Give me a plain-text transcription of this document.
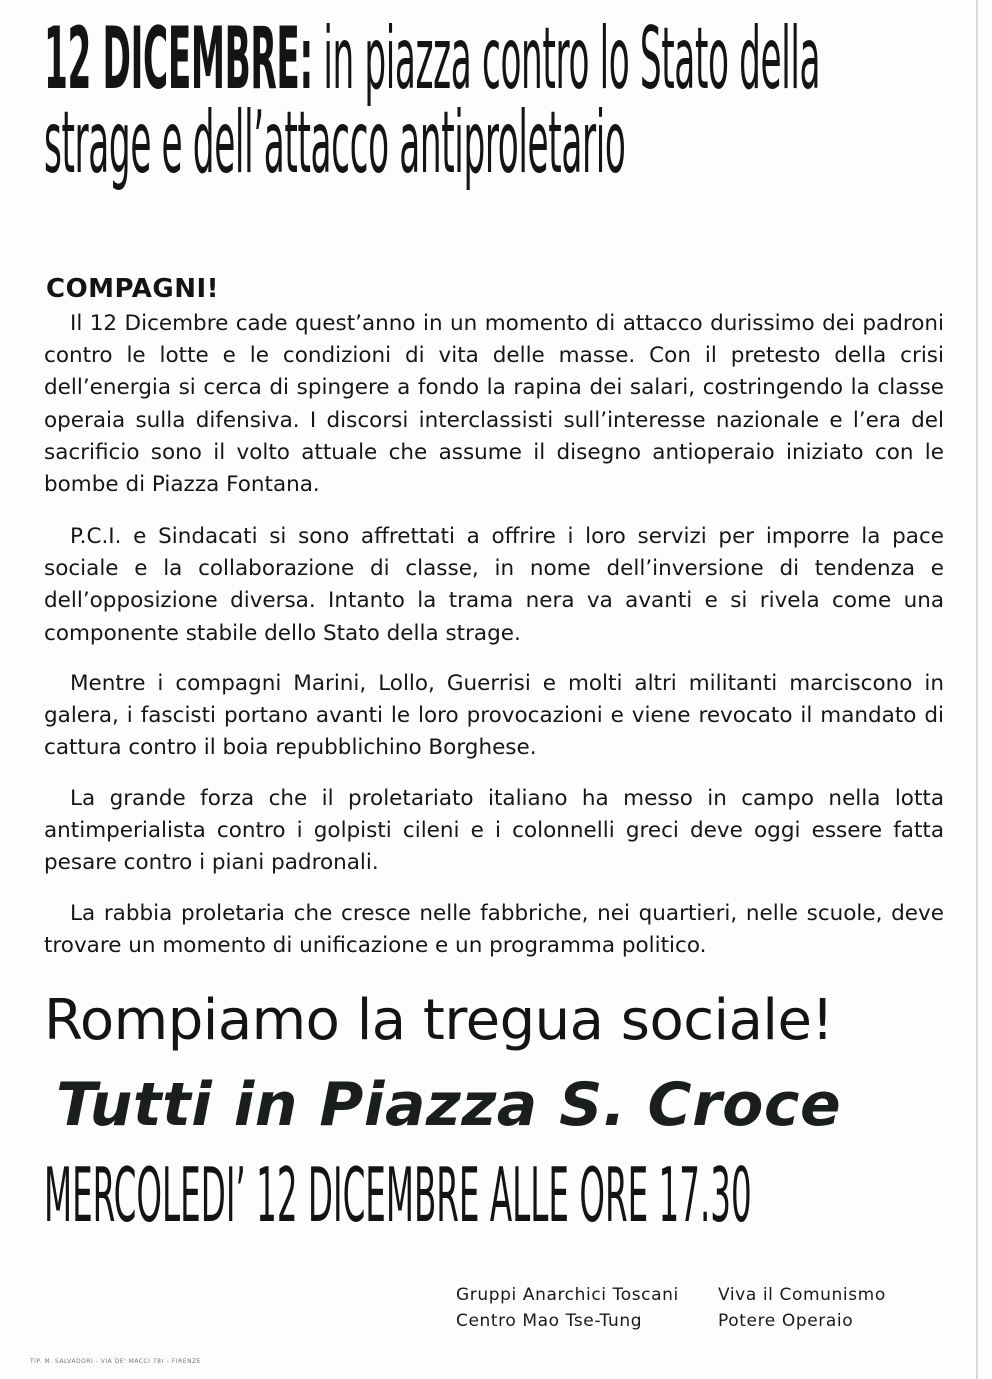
12 DICEMBRE: in piazza contro lo Stato della
strage e dell’attacco antiproletario
COMPAGNI!

Il 12 Dicembre cade quest’anno in un momento di attacco durissimo dei padroni contro le lotte e le condizioni di vita delle masse. Con il pretesto della crisi dell’energia si cerca di spingere a fondo la rapina dei salari, costringendo la classe operaia sulla difensiva. I discorsi interclassisti sull’interesse nazionale e l’era del sacrificio sono il volto attuale che assume il disegno antioperaio iniziato con le bombe di Piazza Fontana.

P.C.I. e Sindacati si sono affrettati a offrire i loro servizi per imporre la pace sociale e la collaborazione di classe, in nome dell’inversione di tendenza e dell’opposizione diversa. Intanto la trama nera va avanti e si rivela come una componente stabile dello Stato della strage.

Mentre i compagni Marini, Lollo, Guerrisi e molti altri militanti marciscono in galera, i fascisti portano avanti le loro provocazioni e viene revocato il mandato di cattura contro il boia repubblichino Borghese.

La grande forza che il proletariato italiano ha messo in campo nella lotta antimperialista contro i golpisti cileni e i colonnelli greci deve oggi essere fatta pesare contro i piani padronali.

La rabbia proletaria che cresce nelle fabbriche, nei quartieri, nelle scuole, deve trovare un momento di unificazione e un programma politico.

Rompiamo la tregua sociale!
Tutti in Piazza S. Croce
MERCOLEDI’ 12 DICEMBRE ALLE ORE 17.30
Gruppi Anarchici Toscani
Centro Mao Tse-Tung
Viva il Comunismo
Potere Operaio
TIP. M. SALVADORI - VIA DE' MACCI 78r - FIRENZE
